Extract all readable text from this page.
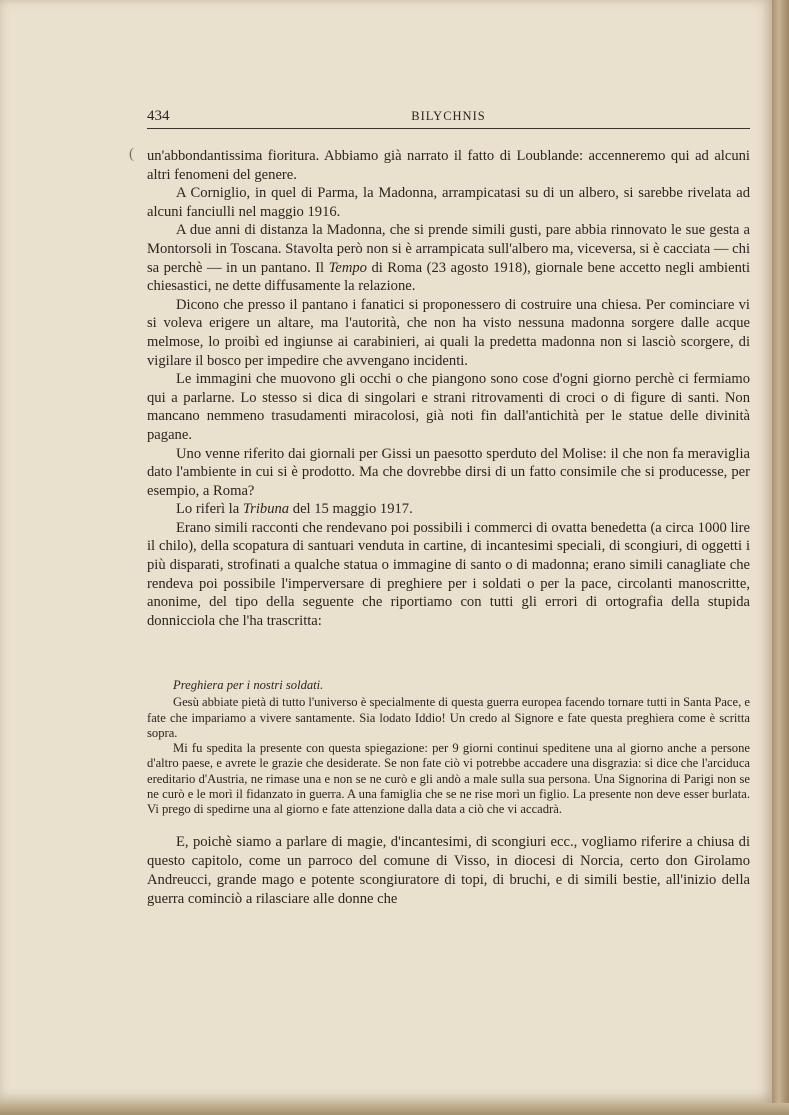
434	BILYCHNIS
( un'abbondantissima fioritura. Abbiamo già narrato il fatto di Loublande: accenneremo qui ad alcuni altri fenomeni del genere.

A Corniglio, in quel di Parma, la Madonna, arrampicatasi su di un albero, si sarebbe rivelata ad alcuni fanciulli nel maggio 1916.

A due anni di distanza la Madonna, che si prende simili gusti, pare abbia rinnovato le sue gesta a Montorsoli in Toscana. Stavolta però non si è arrampicata sull'albero ma, viceversa, si è cacciata — chi sa perchè — in un pantano. Il Tempo di Roma (23 agosto 1918), giornale bene accetto negli ambienti chiesastici, ne dette diffusamente la relazione.

Dicono che presso il pantano i fanatici si proponessero di costruire una chiesa. Per cominciare vi si voleva erigere un altare, ma l'autorità, che non ha visto nessuna madonna sorgere dalle acque melmose, lo proibì ed ingiunse ai carabinieri, ai quali la predetta madonna non si lasciò scorgere, di vigilare il bosco per impedire che avvengano incidenti.

Le immagini che muovono gli occhi o che piangono sono cose d'ogni giorno perchè ci fermiamo qui a parlarne. Lo stesso si dica di singolari e strani ritrovamenti di croci o di figure di santi. Non mancano nemmeno trasudamenti miracolosi, già noti fin dall'antichità per le statue delle divinità pagane.

Uno venne riferito dai giornali per Gissi un paesotto sperduto del Molise: il che non fa meraviglia dato l'ambiente in cui si è prodotto. Ma che dovrebbe dirsi di un fatto consimile che si producesse, per esempio, a Roma?

Lo riferì la Tribuna del 15 maggio 1917.

Erano simili racconti che rendevano poi possibili i commerci di ovatta benedetta (a circa 1000 lire il chilo), della scopatura di santuari venduta in cartine, di incantesimi speciali, di scongiuri, di oggetti i più disparati, strofinati a qualche statua o immagine di santo o di madonna; erano simili canagliate che rendeva poi possibile l'imperversare di preghiere per i soldati o per la pace, circolanti manoscritte, anonime, del tipo della seguente che riportiamo con tutti gli errori di ortografia della stupida donnicciola che l'ha trascritta:

Preghiera per i nostri soldati.

Gesù abbiate pietà di tutto l'universo è specialmente di questa guerra europea facendo tornare tutti in Santa Pace, e fate che impariamo a vivere santamente. Sia lodato Iddio! Un credo al Signore e fate questa preghiera come è scritta sopra.

Mi fu spedita la presente con questa spiegazione: per 9 giorni continui speditene una al giorno anche a persone d'altro paese, e avrete le grazie che desiderate. Se non fate ciò vi potrebbe accadere una disgrazia: si dice che l'arciduca ereditario d'Austria, ne rimase una e non se ne curò e gli andò a male sulla sua persona. Una Signorina di Parigi non se ne curò e le morì il fidanzato in guerra. A una famiglia che se ne rise morì un figlio. La presente non deve esser burlata. Vi prego di spedirne una al giorno e fate attenzione dalla data a ciò che vi accadrà.

E, poichè siamo a parlare di magie, d'incantesimi, di scongiuri ecc., vogliamo riferire a chiusa di questo capitolo, come un parroco del comune di Visso, in diocesi di Norcia, certo don Girolamo Andreucci, grande mago e potente scongiuratore di topi, di bruchi, e di simili bestie, all'inizio della guerra cominciò a rilasciare alle donne che
